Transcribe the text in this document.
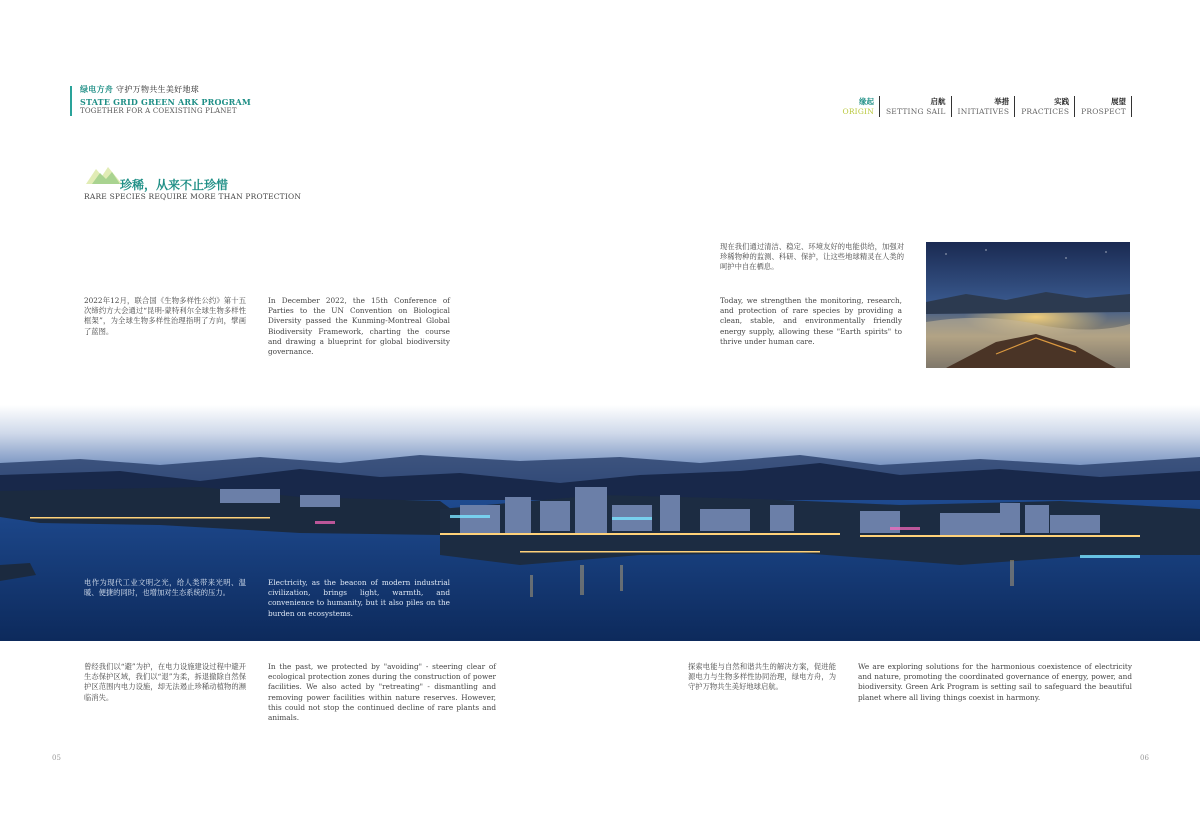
绿电方舟 守护万物共生美好地球
STATE GRID GREEN ARK PROGRAM
TOGETHER FOR A COEXISTING PLANET
缘起
ORIGIN
启航
SETTING SAIL
举措
INITIATIVES
实践
PRACTICES
展望
PROSPECT
珍稀，从来不止珍惜
RARE SPECIES REQUIRE MORE THAN PROTECTION
2022年12月，联合国《生物多样性公约》第十五次缔约方大会通过“昆明-蒙特利尔全球生物多样性框架”，为全球生物多样性治理指明了方向，擘画了蓝图。
In December 2022, the 15th Conference of Parties to the UN Convention on Biological Diversity passed the Kunming-Montreal Global Biodiversity Framework, charting the course and drawing a blueprint for global biodiversity governance.
现在我们通过清洁、稳定、环境友好的电能供给，加强对珍稀物种的监测、科研、保护，让这些地球精灵在人类的呵护中自在栖息。
Today, we strengthen the monitoring, research, and protection of rare species by providing a clean, stable, and environmentally friendly energy supply, allowing these "Earth spirits" to thrive under human care.
电作为现代工业文明之光，给人类带来光明、温暖、便捷的同时，也增加对生态系统的压力。
Electricity, as the beacon of modern industrial civilization, brings light, warmth, and convenience to humanity, but it also piles on the burden on ecosystems.
曾经我们以“避”为护，在电力设施建设过程中避开生态保护区域，我们以“退”为柔，拆退撤除自然保护区范围内电力设施，却无法遏止珍稀动植物的濒临消失。
In the past, we protected by "avoiding" - steering clear of ecological protection zones during the construction of power facilities. We also acted by "retreating" - dismantling and removing power facilities within nature reserves. However, this could not stop the continued decline of rare plants and animals.
探索电能与自然和谐共生的解决方案，促进能源电力与生物多样性协同治理，绿电方舟，为守护万物共生美好地球启航。
We are exploring solutions for the harmonious coexistence of electricity and nature, promoting the coordinated governance of energy, power, and biodiversity. Green Ark Program is setting sail to safeguard the beautiful planet where all living things coexist in harmony.
05	06
